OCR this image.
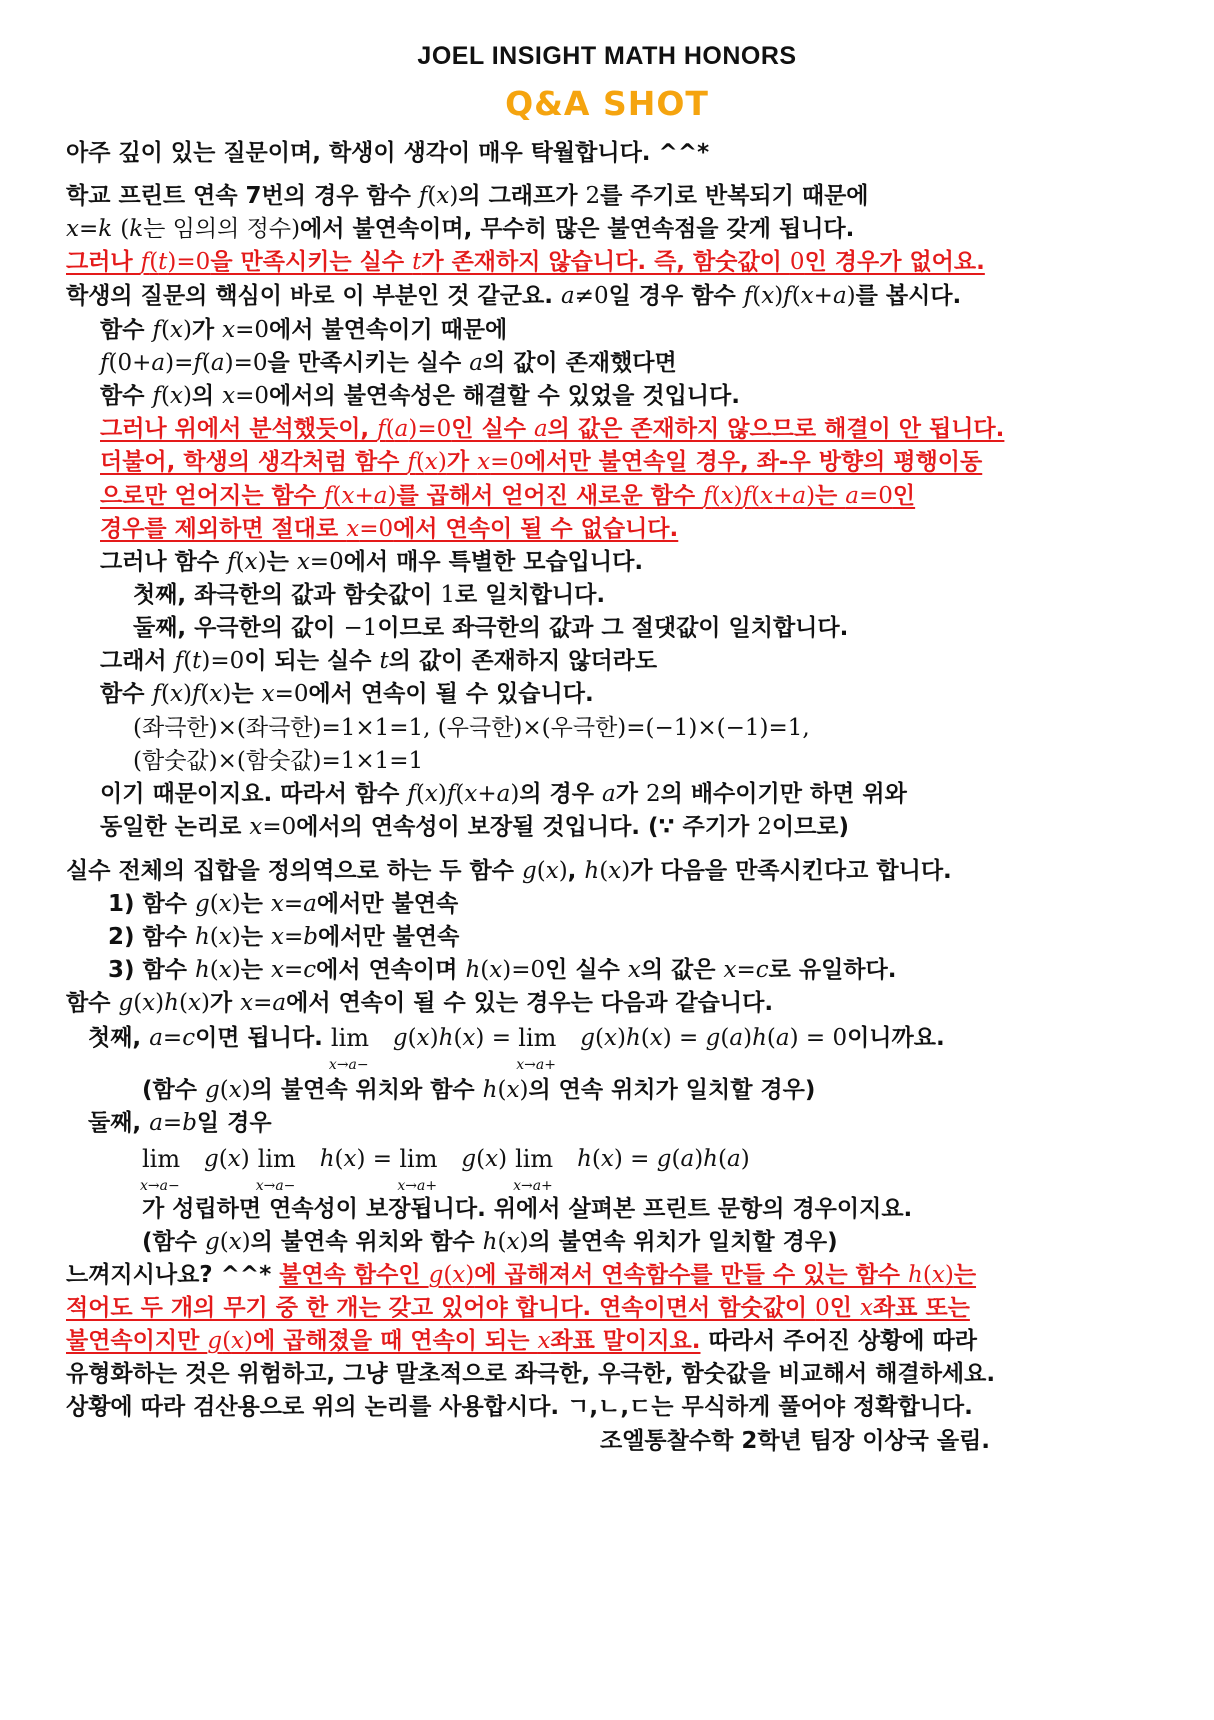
JOEL INSIGHT MATH HONORS
Q&A SHOT
아주 깊이 있는 질문이며, 학생이 생각이 매우 탁월합니다. ^^*
학교 프린트 연속 7번의 경우 함수 f(x)의 그래프가 2를 주기로 반복되기 때문에
x=k (k는 임의의 정수)에서 불연속이며, 무수히 많은 불연속점을 갖게 됩니다.
그러나 f(t)=0을 만족시키는 실수 t가 존재하지 않습니다. 즉, 함숫값이 0인 경우가 없어요.
학생의 질문의 핵심이 바로 이 부분인 것 같군요. a≠0일 경우 함수 f(x)f(x+a)를 봅시다.
함수 f(x)가 x=0에서 불연속이기 때문에
f(0+a)=f(a)=0을 만족시키는 실수 a의 값이 존재했다면
함수 f(x)의 x=0에서의 불연속성은 해결할 수 있었을 것입니다.
그러나 위에서 분석했듯이, f(a)=0인 실수 a의 값은 존재하지 않으므로 해결이 안 됩니다.
더불어, 학생의 생각처럼 함수 f(x)가 x=0에서만 불연속일 경우, 좌-우 방향의 평행이동
으로만 얻어지는 함수 f(x+a)를 곱해서 얻어진 새로운 함수 f(x)f(x+a)는 a=0인
경우를 제외하면 절대로 x=0에서 연속이 될 수 없습니다.
그러나 함수 f(x)는 x=0에서 매우 특별한 모습입니다.
첫째, 좌극한의 값과 함숫값이 1로 일치합니다.
둘째, 우극한의 값이 −1이므로 좌극한의 값과 그 절댓값이 일치합니다.
그래서 f(t)=0이 되는 실수 t의 값이 존재하지 않더라도
함수 f(x)f(x)는 x=0에서 연속이 될 수 있습니다.
(좌극한)×(좌극한)=1×1=1, (우극한)×(우극한)=(−1)×(−1)=1,
(함숫값)×(함숫값)=1×1=1
이기 때문이지요. 따라서 함수 f(x)f(x+a)의 경우 a가 2의 배수이기만 하면 위와
동일한 논리로 x=0에서의 연속성이 보장될 것입니다. (∵ 주기가 2이므로)
실수 전체의 집합을 정의역으로 하는 두 함수 g(x), h(x)가 다음을 만족시킨다고 합니다.
1) 함수 g(x)는 x=a에서만 불연속
2) 함수 h(x)는 x=b에서만 불연속
3) 함수 h(x)는 x=c에서 연속이며 h(x)=0인 실수 x의 값은 x=c로 유일하다.
함수 g(x)h(x)가 x=a에서 연속이 될 수 있는 경우는 다음과 같습니다.
첫째, a=c이면 됩니다. lim
x→a−
g(x)h(x) = lim
x→a+
g(x)h(x) = g(a)h(a) = 0이니까요.
(함수 g(x)의 불연속 위치와 함수 h(x)의 연속 위치가 일치할 경우)
둘째, a=b일 경우
lim
x→a−
g(x) lim
x→a−
h(x) = lim
x→a+
g(x) lim
x→a+
h(x) = g(a)h(a)
가 성립하면 연속성이 보장됩니다. 위에서 살펴본 프린트 문항의 경우이지요.
(함수 g(x)의 불연속 위치와 함수 h(x)의 불연속 위치가 일치할 경우)
느껴지시나요? ^^* 불연속 함수인 g(x)에 곱해져서 연속함수를 만들 수 있는 함수 h(x)는
적어도 두 개의 무기 중 한 개는 갖고 있어야 합니다. 연속이면서 함숫값이 0인 x좌표 또는
불연속이지만 g(x)에 곱해졌을 때 연속이 되는 x좌표 말이지요. 따라서 주어진 상황에 따라
유형화하는 것은 위험하고, 그냥 말초적으로 좌극한, 우극한, 함숫값을 비교해서 해결하세요.
상황에 따라 검산용으로 위의 논리를 사용합시다. ㄱ,ㄴ,ㄷ는 무식하게 풀어야 정확합니다.
조엘통찰수학 2학년 팀장 이상국 올림.
